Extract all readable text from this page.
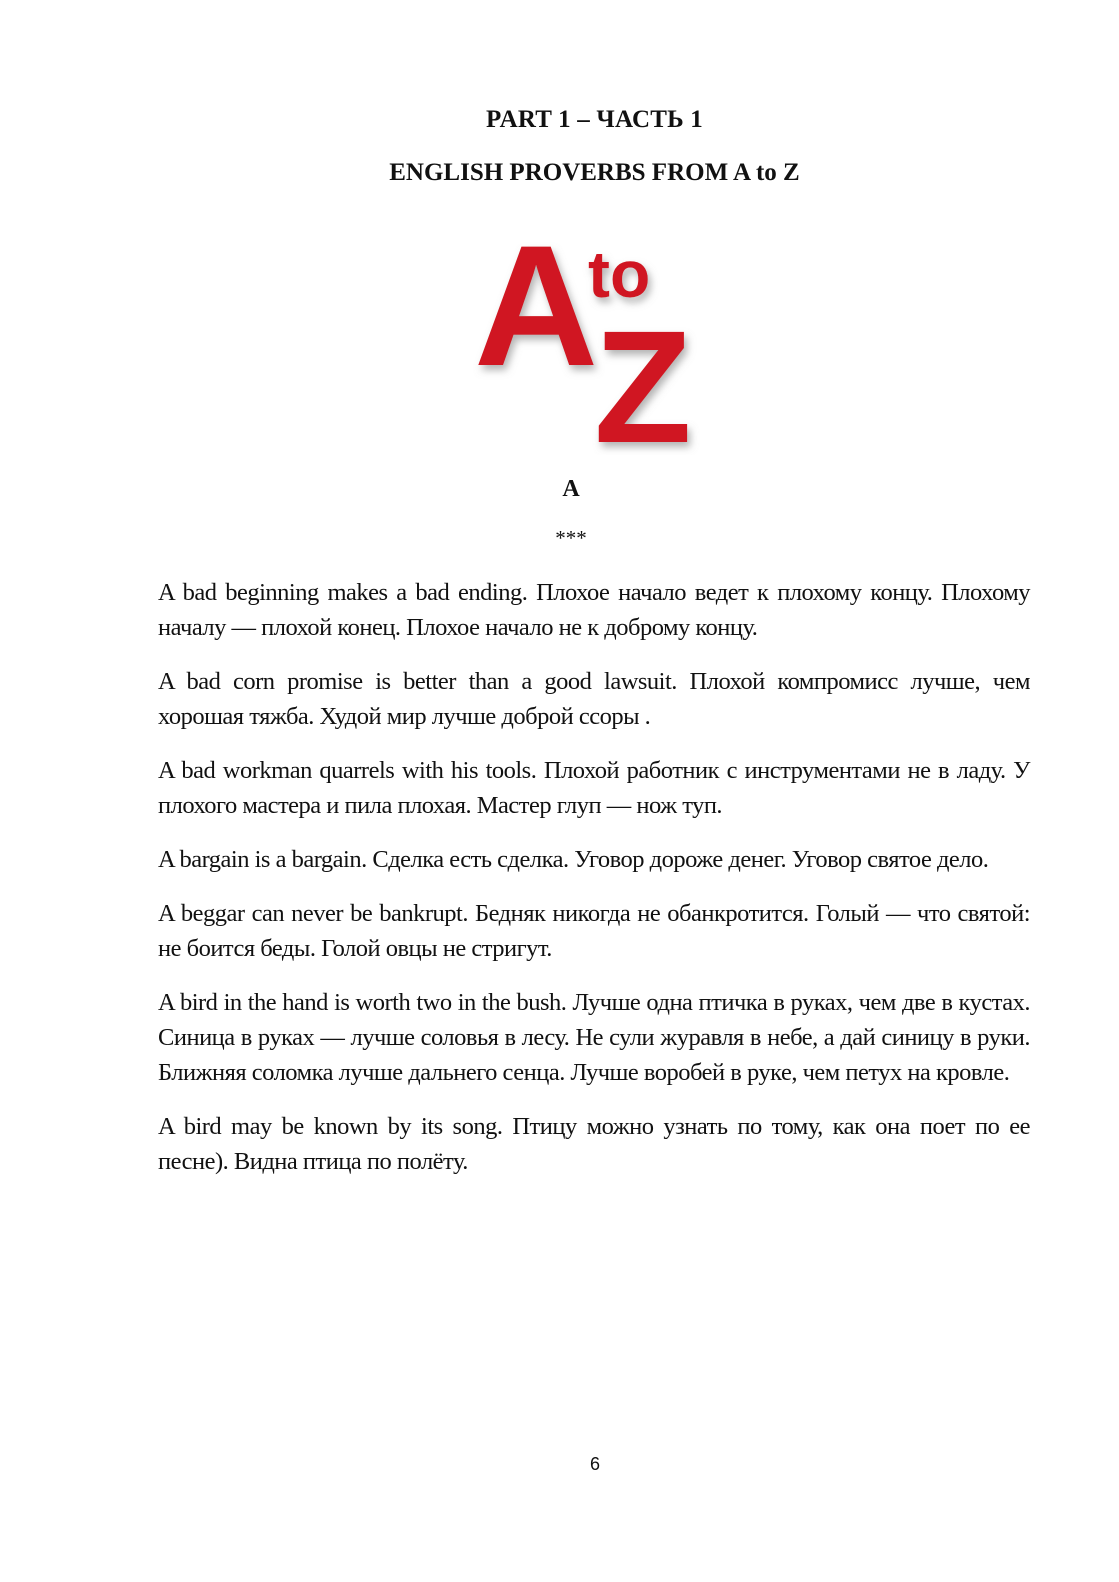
PART 1 – ЧАСТЬ 1
ENGLISH PROVERBS FROM A to Z
A
to
Z
A
***

A bad beginning makes a bad ending. Плохое начало ведет к плохому концу. Плохому началу — плохой конец. Плохое начало не к доброму концу.

A bad corn promise is better than a good lawsuit. Плохой компромисс лучше, чем хорошая тяжба. Худой мир лучше доброй ссоры .

A bad workman quarrels with his tools. Плохой работник с инструментами не в ладу. У плохого мастера и пила плохая. Мастер глуп — нож туп.

A bargain is a bargain. Сделка есть сделка. Уговор дороже денег. Уговор святое дело.

A beggar can never be bankrupt. Бедняк никогда не обанкротится. Голый — что святой: не боится беды. Голой овцы не стригут.

A bird in the hand is worth two in the bush. Лучше одна птичка в руках, чем две в кустах. Синица в руках — лучше соловья в лесу. Не сули журавля в небе, а дай синицу в руки. Ближняя соломка лучше дальнего сенца. Лучше воробей в руке, чем петух на кровле.

A bird may be known by its song. Птицу можно узнать по тому, как она поет по ее песне). Видна птица по полёту.

6
